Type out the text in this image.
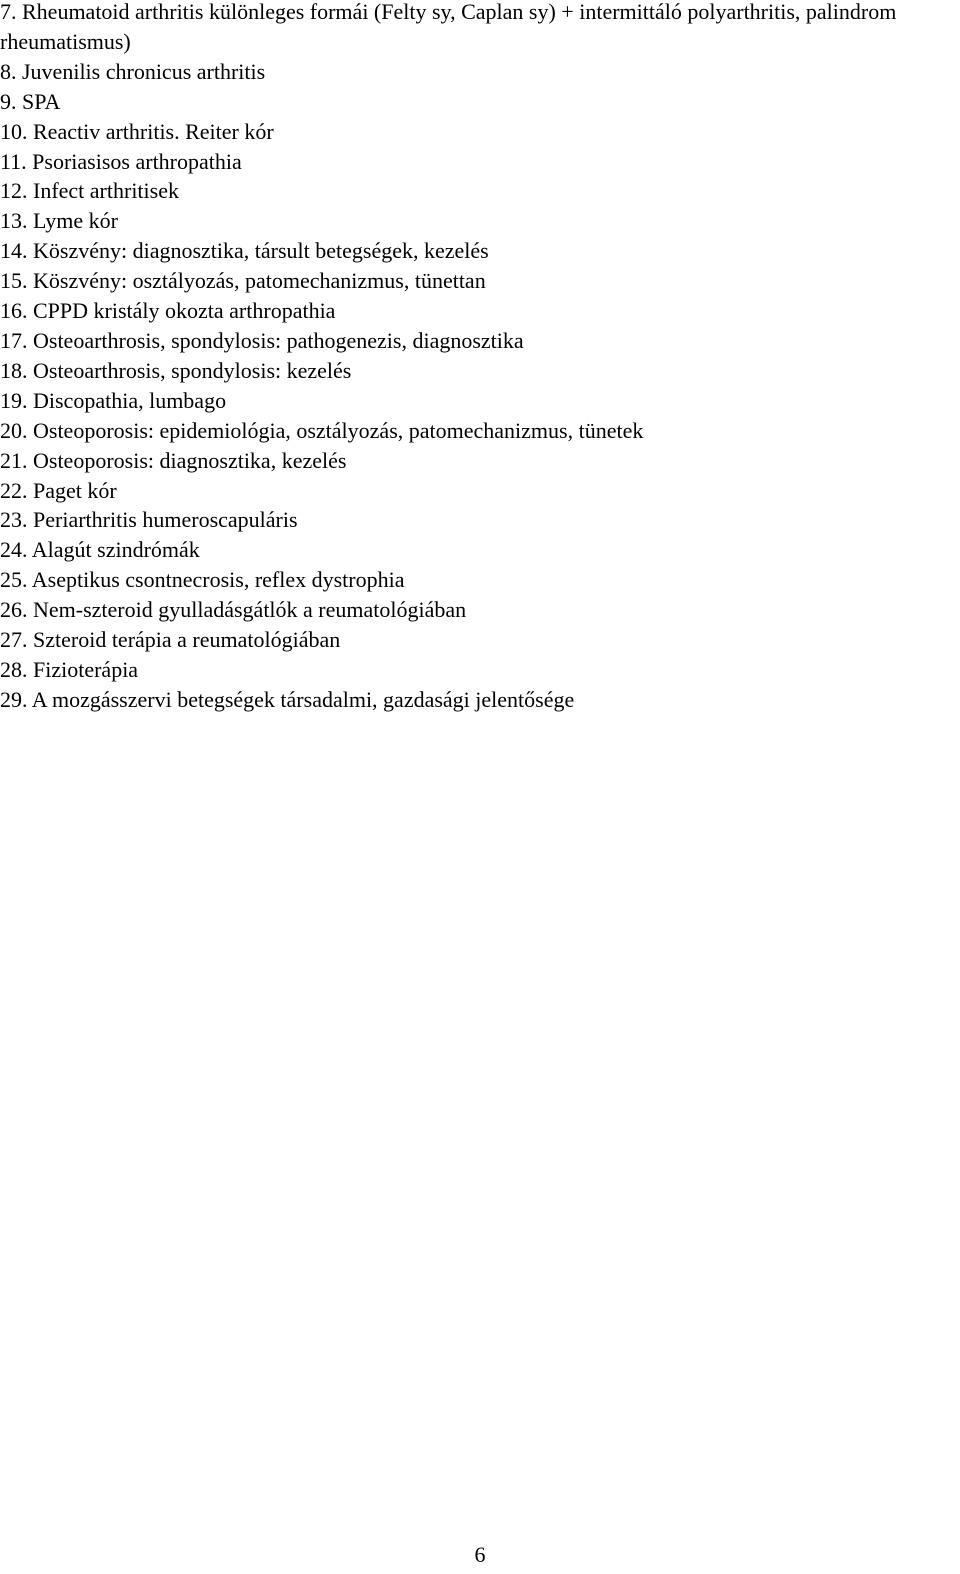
7. Rheumatoid arthritis különleges formái (Felty sy, Caplan sy) + intermittáló polyarthritis, palindrom rheumatismus)
8. Juvenilis chronicus arthritis
9. SPA
10. Reactiv arthritis. Reiter kór
11. Psoriasisos arthropathia
12. Infect arthritisek
13. Lyme kór
14. Köszvény: diagnosztika, társult betegségek, kezelés
15. Köszvény: osztályozás, patomechanizmus, tünettan
16. CPPD kristály okozta arthropathia
17. Osteoarthrosis, spondylosis: pathogenezis, diagnosztika
18. Osteoarthrosis, spondylosis: kezelés
19. Discopathia, lumbago
20. Osteoporosis: epidemiológia, osztályozás, patomechanizmus, tünetek
21. Osteoporosis: diagnosztika, kezelés
22. Paget kór
23. Periarthritis humeroscapuláris
24. Alagút szindrómák
25. Aseptikus csontnecrosis, reflex dystrophia
26. Nem-szteroid gyulladásgátlók a reumatológiában
27. Szteroid terápia a reumatológiában
28. Fizioterápia
29. A mozgásszervi betegségek társadalmi, gazdasági jelentősége
6
